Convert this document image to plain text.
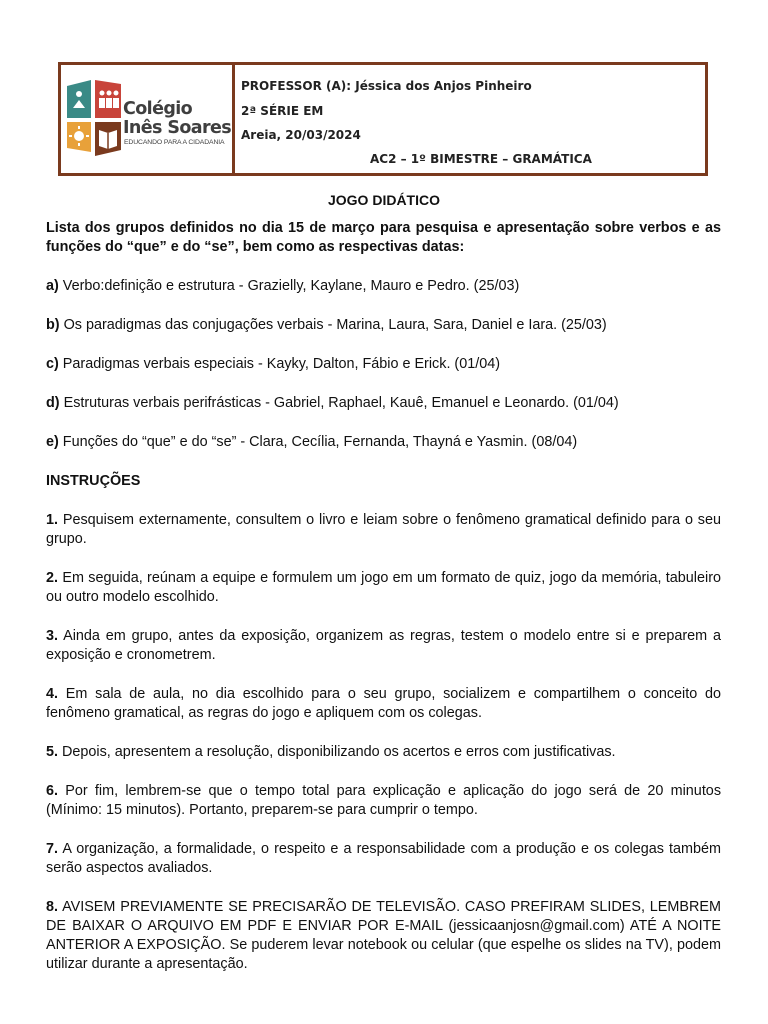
Colégio
Inês Soares
EDUCANDO PARA A CIDADANIA
PROFESSOR (A): Jéssica dos Anjos Pinheiro
2ª SÉRIE EM
Areia, 20/03/2024
AC2 – 1º BIMESTRE – GRAMÁTICA
JOGO DIDÁTICO

Lista dos grupos definidos no dia 15 de março para pesquisa e apresentação sobre verbos e as funções do “que” e do “se”, bem como as respectivas datas:

a) Verbo:definição e estrutura - Grazielly, Kaylane, Mauro e Pedro. (25/03)

b) Os paradigmas das conjugações verbais - Marina, Laura, Sara, Daniel e Iara. (25/03)

c) Paradigmas verbais especiais - Kayky, Dalton, Fábio e Erick. (01/04)

d) Estruturas verbais perifrásticas - Gabriel, Raphael, Kauê, Emanuel e Leonardo. (01/04)

e) Funções do “que” e do “se” - Clara, Cecília, Fernanda, Thayná e Yasmin. (08/04)

INSTRUÇÕES

1. Pesquisem externamente, consultem o livro e leiam sobre o fenômeno gramatical definido para o seu grupo.

2. Em seguida, reúnam a equipe e formulem um jogo em um formato de quiz, jogo da memória, tabuleiro ou outro modelo escolhido.

3. Ainda em grupo, antes da exposição, organizem as regras, testem o modelo entre si e preparem a exposição e cronometrem.

4. Em sala de aula, no dia escolhido para o seu grupo, socializem e compartilhem o conceito do fenômeno gramatical, as regras do jogo e apliquem com os colegas.

5. Depois, apresentem a resolução, disponibilizando os acertos e erros com justificativas.

6. Por fim, lembrem-se que o tempo total para explicação e aplicação do jogo será de 20 minutos (Mínimo: 15 minutos). Portanto, preparem-se para cumprir o tempo.

7. A organização, a formalidade, o respeito e a responsabilidade com a produção e os colegas também serão aspectos avaliados.

8. AVISEM PREVIAMENTE SE PRECISARÃO DE TELEVISÃO. CASO PREFIRAM SLIDES, LEMBREM DE BAIXAR O ARQUIVO EM PDF E ENVIAR POR E-MAIL (jessicaanjosn@gmail.com) ATÉ A NOITE ANTERIOR A EXPOSIÇÃO. Se puderem levar notebook ou celular (que espelhe os slides na TV), podem utilizar durante a apresentação.
